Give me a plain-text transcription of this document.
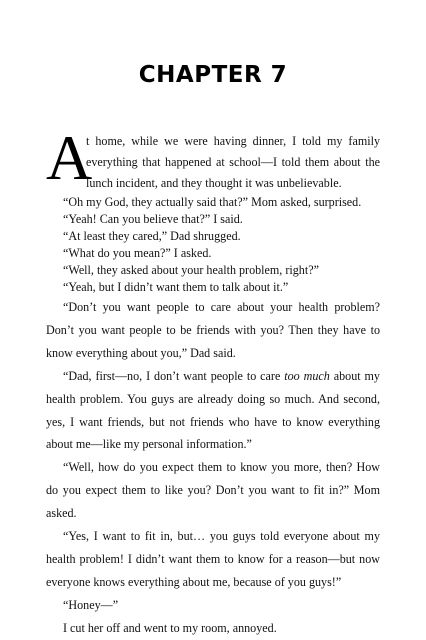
CHAPTER 7
A
t home, while we were having dinner, I told my family
everything that happened at school—I told them about the
lunch incident, and they thought it was unbelievable.
“Oh my God, they actually said that?” Mom asked, surprised.
“Yeah! Can you believe that?” I said.
“At least they cared,” Dad shrugged.
“What do you mean?” I asked.
“Well, they asked about your health problem, right?”
“Yeah, but I didn’t want them to talk about it.”

“Don’t you want people to care about your health problem? Don’t you want people to be friends with you? Then they have to know everything about you,” Dad said.

“Dad, first—no, I don’t want people to care too much about my health problem. You guys are already doing so much. And second, yes, I want friends, but not friends who have to know everything about me—like my personal information.”

“Well, how do you expect them to know you more, then? How do you expect them to like you? Don’t you want to fit in?” Mom asked.

“Yes, I want to fit in, but… you guys told everyone about my health problem! I didn’t want them to know for a reason—but now everyone knows everything about me, because of you guys!”

“Honey—”

I cut her off and went to my room, annoyed.
